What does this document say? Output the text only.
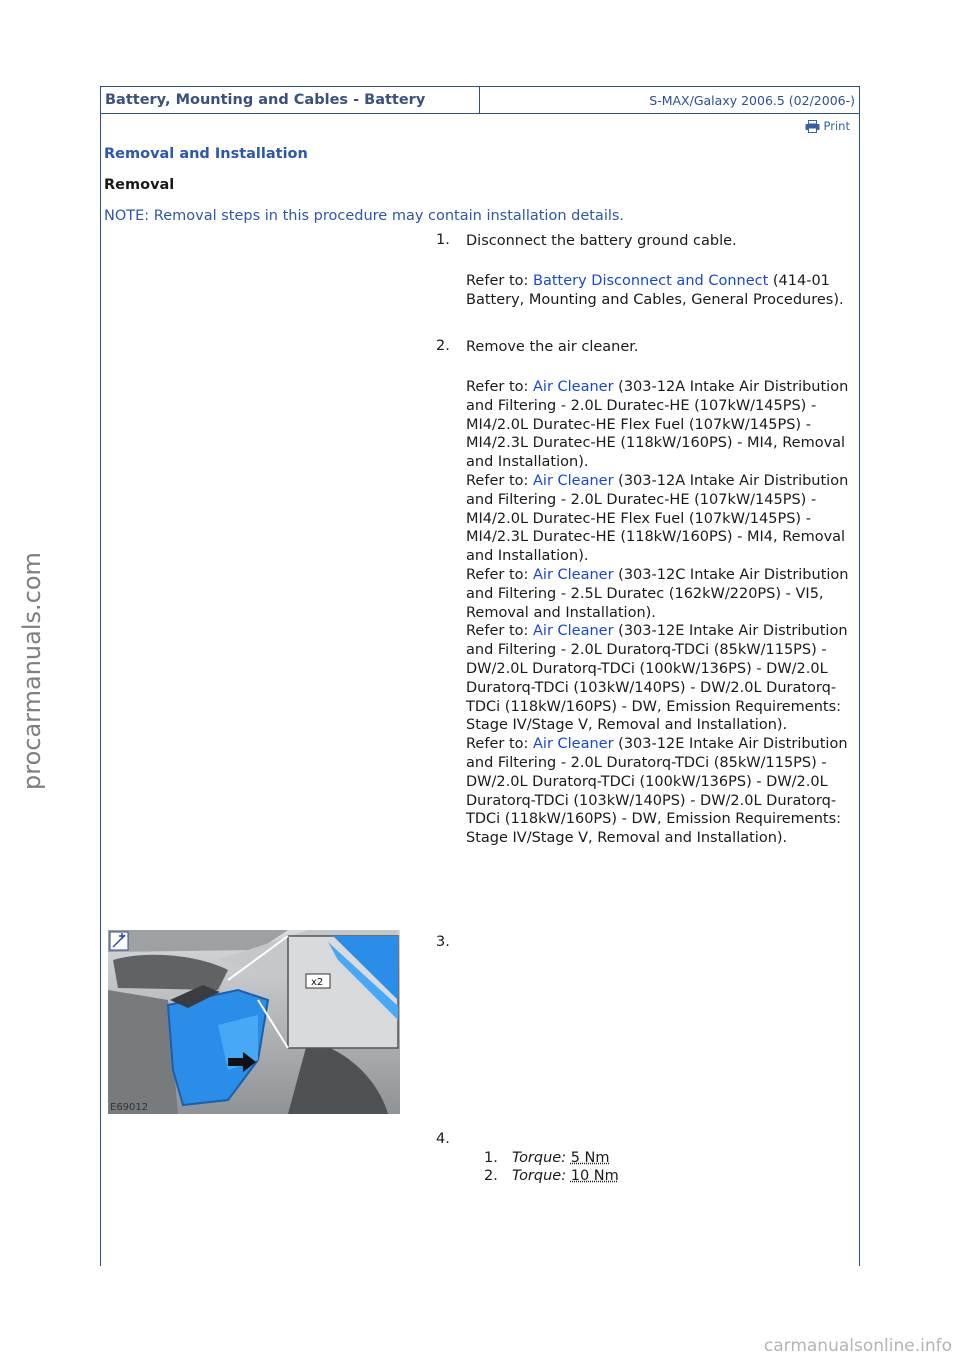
Battery, Mounting and Cables - Battery	S-MAX/Galaxy 2006.5 (02/2006-)
Print
Removal and Installation
Removal
NOTE: Removal steps in this procedure may contain installation details.
1. Disconnect the battery ground cable.

Refer to: Battery Disconnect and Connect (414-01 Battery, Mounting and Cables, General Procedures).

2. Remove the air cleaner.

Refer to: Air Cleaner (303-12A Intake Air Distribution and Filtering - 2.0L Duratec-HE (107kW/145PS) - MI4/2.0L Duratec-HE Flex Fuel (107kW/145PS) - MI4/2.3L Duratec-HE (118kW/160PS) - MI4, Removal and Installation).

Refer to: Air Cleaner (303-12A Intake Air Distribution and Filtering - 2.0L Duratec-HE (107kW/145PS) - MI4/2.0L Duratec-HE Flex Fuel (107kW/145PS) - MI4/2.3L Duratec-HE (118kW/160PS) - MI4, Removal and Installation).

Refer to: Air Cleaner (303-12C Intake Air Distribution and Filtering - 2.5L Duratec (162kW/220PS) - VI5, Removal and Installation).

Refer to: Air Cleaner (303-12E Intake Air Distribution and Filtering - 2.0L Duratorq-TDCi (85kW/115PS) - DW/2.0L Duratorq-TDCi (100kW/136PS) - DW/2.0L Duratorq-TDCi (103kW/140PS) - DW/2.0L Duratorq-TDCi (118kW/160PS) - DW, Emission Requirements: Stage IV/Stage V, Removal and Installation).

Refer to: Air Cleaner (303-12E Intake Air Distribution and Filtering - 2.0L Duratorq-TDCi (85kW/115PS) - DW/2.0L Duratorq-TDCi (100kW/136PS) - DW/2.0L Duratorq-TDCi (103kW/140PS) - DW/2.0L Duratorq-TDCi (118kW/160PS) - DW, Emission Requirements: Stage IV/Stage V, Removal and Installation).

x2
E69012
3.
4.
1. Torque: 5 Nm
2. Torque: 10 Nm
procarmanuals.com
carmanualsonline.info
